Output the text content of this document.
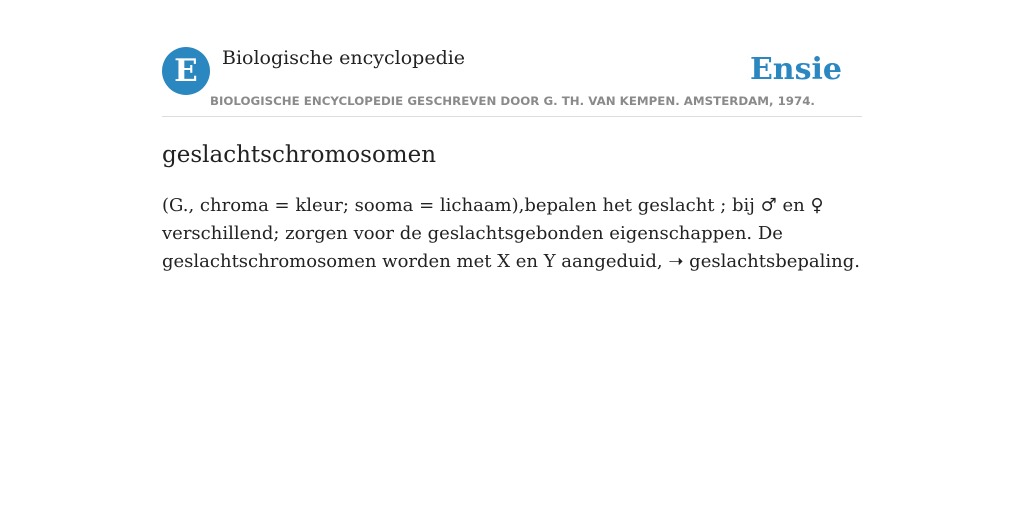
E	Biologische encyclopedie	Ensie
BIOLOGISCHE ENCYCLOPEDIE GESCHREVEN DOOR G. TH. VAN KEMPEN. AMSTERDAM, 1974.
geslachtschromosomen
(G., chroma = kleur; sooma = lichaam),bepalen het geslacht ; bij ♂ en ♀
verschillend; zorgen voor de geslachtsgebonden eigenschappen. De
geslachtschromosomen worden met X en Y aangeduid, ➝ geslachtsbepaling.
